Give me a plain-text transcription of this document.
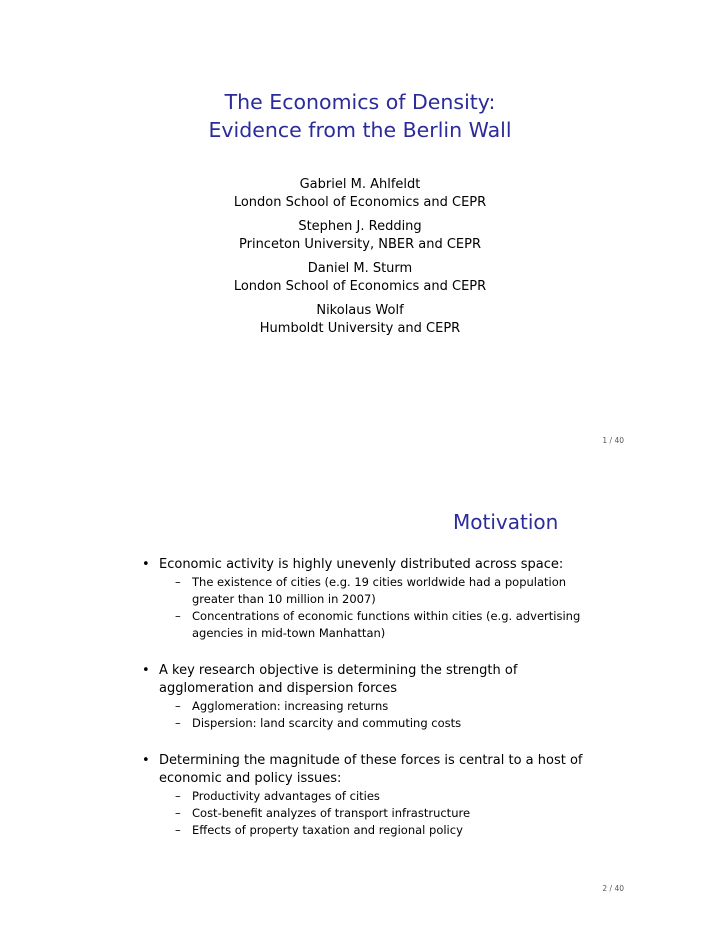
The Economics of Density:
Evidence from the Berlin Wall
Gabriel M. Ahlfeldt
London School of Economics and CEPR
Stephen J. Redding
Princeton University, NBER and CEPR
Daniel M. Sturm
London School of Economics and CEPR
Nikolaus Wolf
Humboldt University and CEPR
1 / 40
Motivation
• Economic activity is highly unevenly distributed across space:
– The existence of cities (e.g. 19 cities worldwide had a population greater than 10 million in 2007)
– Concentrations of economic functions within cities (e.g. advertising agencies in mid-town Manhattan)
• A key research objective is determining the strength of agglomeration and dispersion forces
– Agglomeration: increasing returns
– Dispersion: land scarcity and commuting costs
• Determining the magnitude of these forces is central to a host of economic and policy issues:
– Productivity advantages of cities
– Cost-benefit analyzes of transport infrastructure
– Effects of property taxation and regional policy
2 / 40
